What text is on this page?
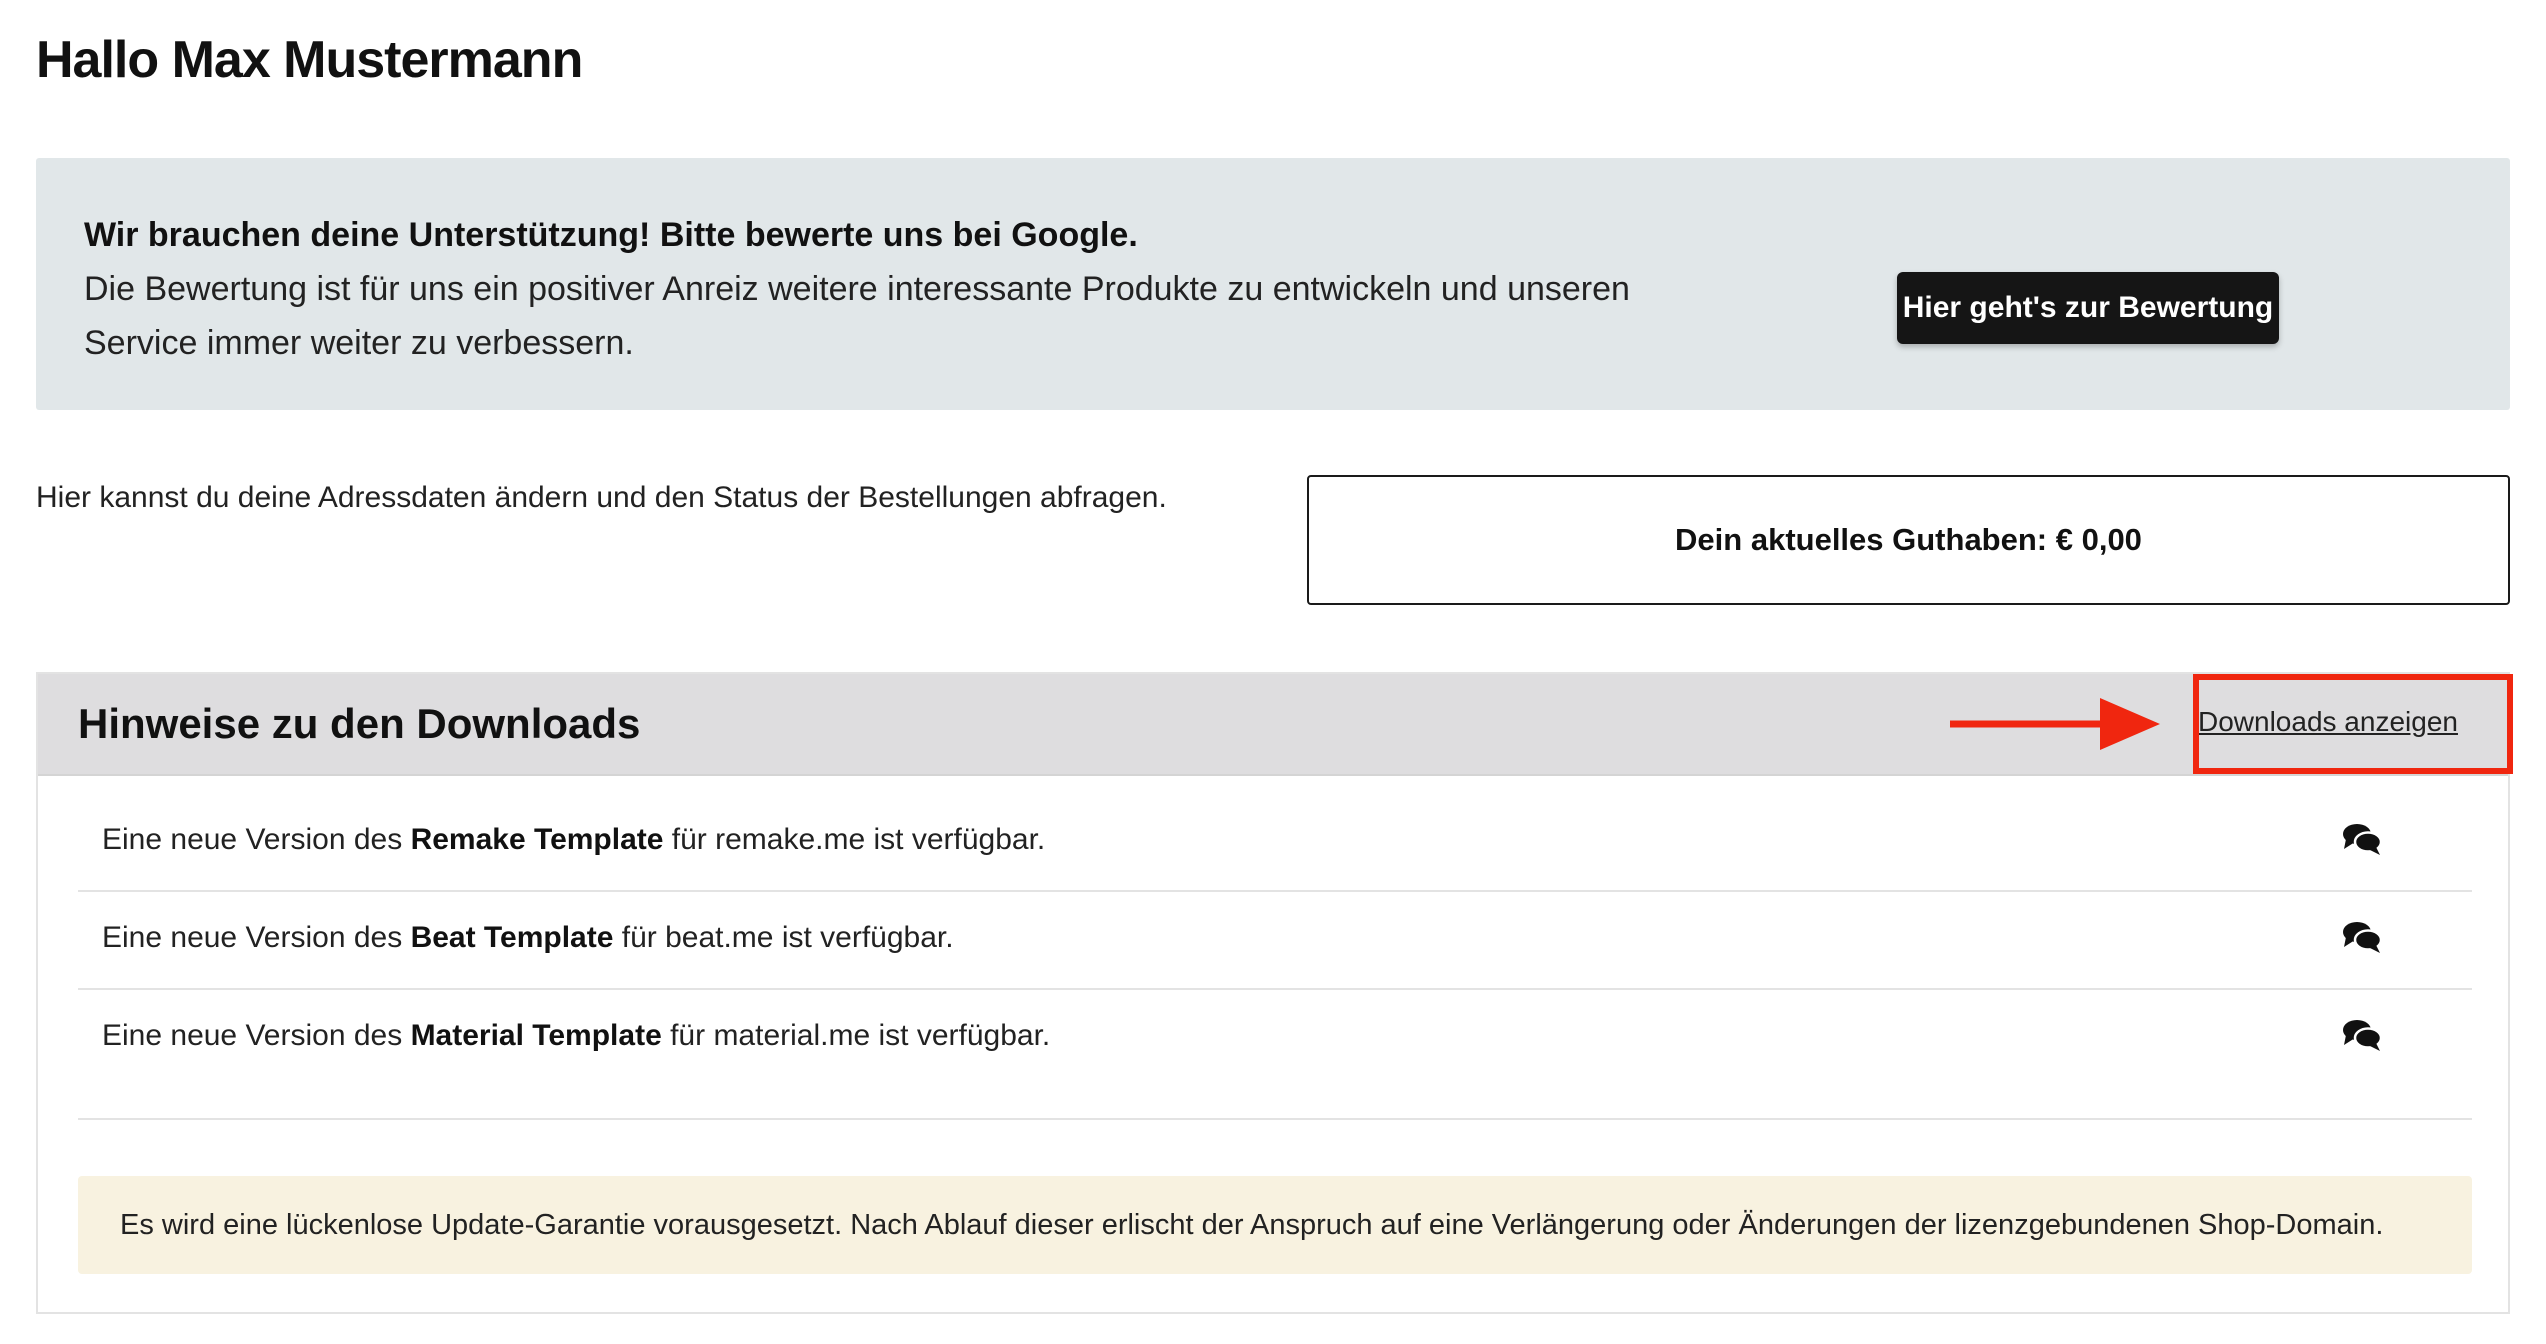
Hallo Max Mustermann
Wir brauchen deine Unterstützung! Bitte bewerte uns bei Google.
Die Bewertung ist für uns ein positiver Anreiz weitere interessante Produkte zu entwickeln und unseren Service immer weiter zu verbessern.
Hier geht's zur Bewertung
Hier kannst du deine Adressdaten ändern und den Status der Bestellungen abfragen.
Dein aktuelles Guthaben: € 0,00
Hinweise zu den Downloads	Downloads anzeigen
Eine neue Version des Remake Template für remake.me ist verfügbar.
Eine neue Version des Beat Template für beat.me ist verfügbar.
Eine neue Version des Material Template für material.me ist verfügbar.
Es wird eine lückenlose Update-Garantie vorausgesetzt. Nach Ablauf dieser erlischt der Anspruch auf eine Verlängerung oder Änderungen der lizenzgebundenen Shop-Domain.
